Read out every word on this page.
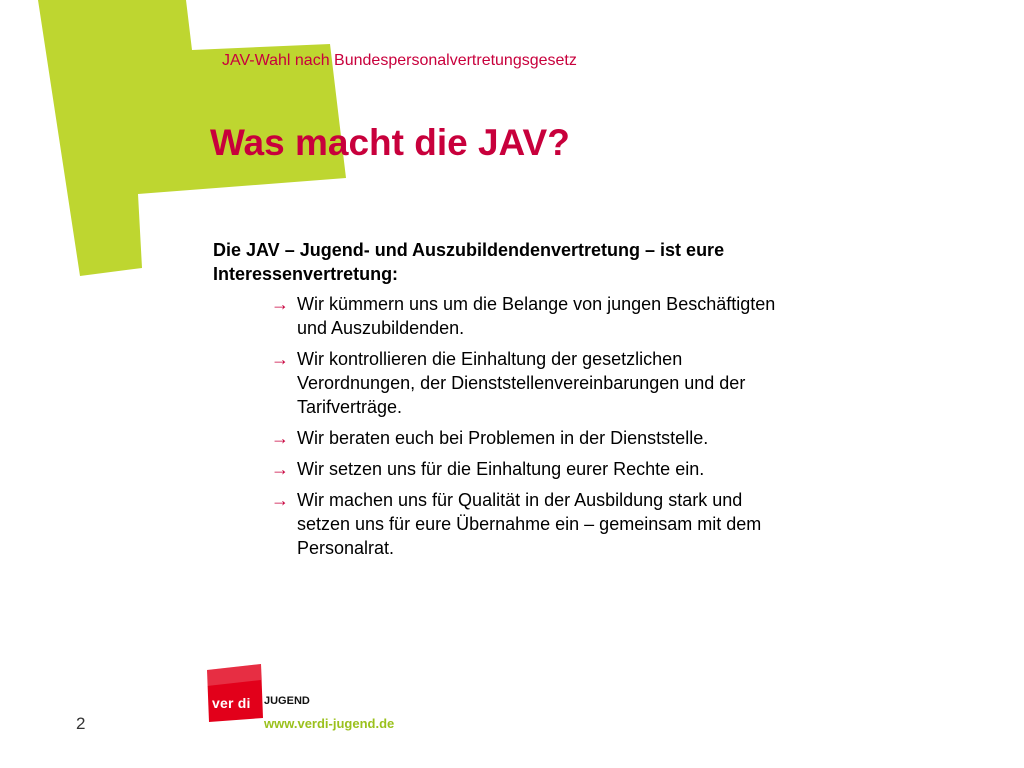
JAV-Wahl nach Bundespersonalvertretungsgesetz
Was macht die JAV?

Die JAV – Jugend- und Auszubildendenvertretung – ist eure Interessenvertretung:

→ Wir kümmern uns um die Belange von jungen Beschäftigten und Auszubildenden.
→ Wir kontrollieren die Einhaltung der gesetzlichen Verordnungen, der Dienststellenvereinbarungen und der Tarifverträge.
→ Wir beraten euch bei Problemen in der Dienststelle.
→ Wir setzen uns für die Einhaltung eurer Rechte ein.
→ Wir machen uns für Qualität in der Ausbildung stark und setzen uns für eure Übernahme ein – gemeinsam mit dem Personalrat.
2
ver di JUGEND
www.verdi-jugend.de
